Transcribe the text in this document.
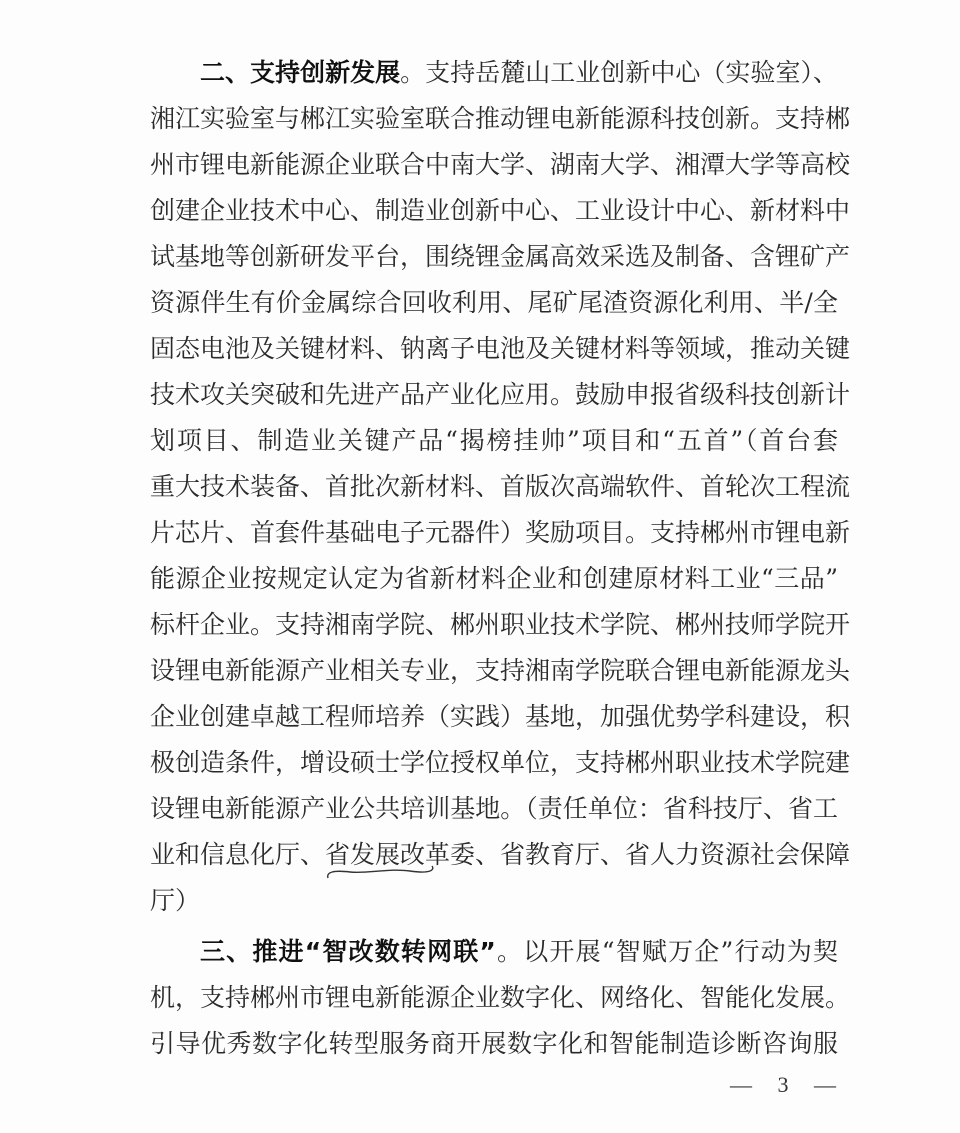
二、支持创新发展。支持岳麓山工业创新中心（实验室）、
湘江实验室与郴江实验室联合推动锂电新能源科技创新。支持郴
州市锂电新能源企业联合中南大学、湖南大学、湘潭大学等高校
创建企业技术中心、制造业创新中心、工业设计中心、新材料中
试基地等创新研发平台，围绕锂金属高效采选及制备、含锂矿产
资源伴生有价金属综合回收利用、尾矿尾渣资源化利用、半/全
固态电池及关键材料、钠离子电池及关键材料等领域，推动关键
技术攻关突破和先进产品产业化应用。鼓励申报省级科技创新计
划项目、制造业关键产品“揭榜挂帅”项目和“五首”（首台套
重大技术装备、首批次新材料、首版次高端软件、首轮次工程流
片芯片、首套件基础电子元器件）奖励项目。支持郴州市锂电新
能源企业按规定认定为省新材料企业和创建原材料工业“三品”
标杆企业。支持湘南学院、郴州职业技术学院、郴州技师学院开
设锂电新能源产业相关专业，支持湘南学院联合锂电新能源龙头
企业创建卓越工程师培养（实践）基地，加强优势学科建设，积
极创造条件，增设硕士学位授权单位，支持郴州职业技术学院建
设锂电新能源产业公共培训基地。（责任单位：省科技厅、省工
业和信息化厅、省发展改革委、省教育厅、省人力资源社会保障
厅）
三、推进“智改数转网联”。以开展“智赋万企”行动为契
机，支持郴州市锂电新能源企业数字化、网络化、智能化发展。
引导优秀数字化转型服务商开展数字化和智能制造诊断咨询服
— 3 —
